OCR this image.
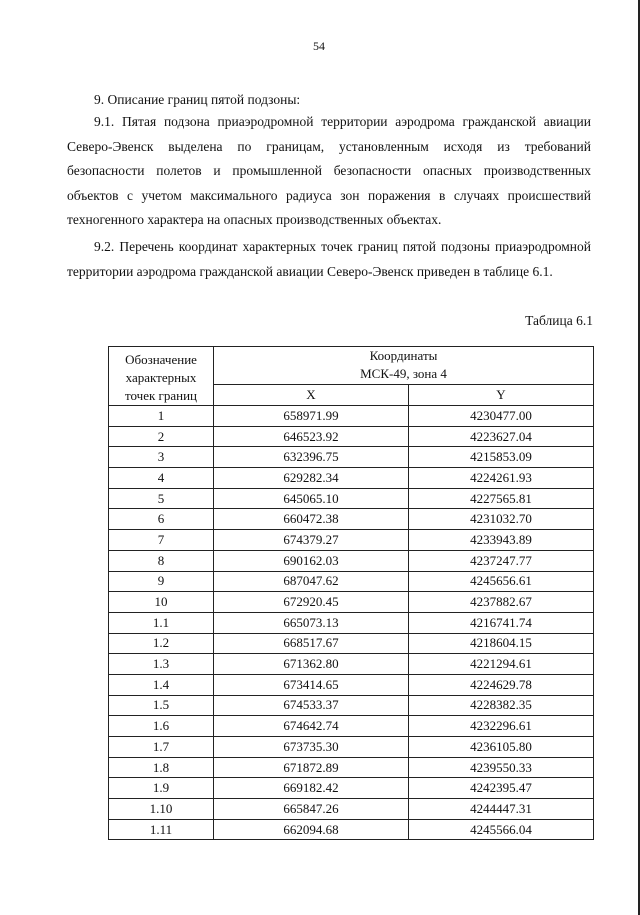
54
9. Описание границ пятой подзоны:
9.1. Пятая подзона приаэродромной территории аэродрома гражданской авиации Северо-Эвенск выделена по границам, установленным исходя из требований безопасности полетов и промышленной безопасности опасных производственных объектов с учетом максимального радиуса зон поражения в случаях происшествий техногенного характера на опасных производственных объектах.
9.2. Перечень координат характерных точек границ пятой подзоны приаэродромной территории аэродрома гражданской авиации Северо-Эвенск приведен в таблице 6.1.
Таблица 6.1
Обозначение
характерных
точек границ	Координаты
МСК-49, зона 4	

	X	Y
1	658971.99	4230477.00
2	646523.92	4223627.04
3	632396.75	4215853.09
4	629282.34	4224261.93
5	645065.10	4227565.81
6	660472.38	4231032.70
7	674379.27	4233943.89
8	690162.03	4237247.77
9	687047.62	4245656.61
10	672920.45	4237882.67
1.1	665073.13	4216741.74
1.2	668517.67	4218604.15
1.3	671362.80	4221294.61
1.4	673414.65	4224629.78
1.5	674533.37	4228382.35
1.6	674642.74	4232296.61
1.7	673735.30	4236105.80
1.8	671872.89	4239550.33
1.9	669182.42	4242395.47
1.10	665847.26	4244447.31
1.11	662094.68	4245566.04
